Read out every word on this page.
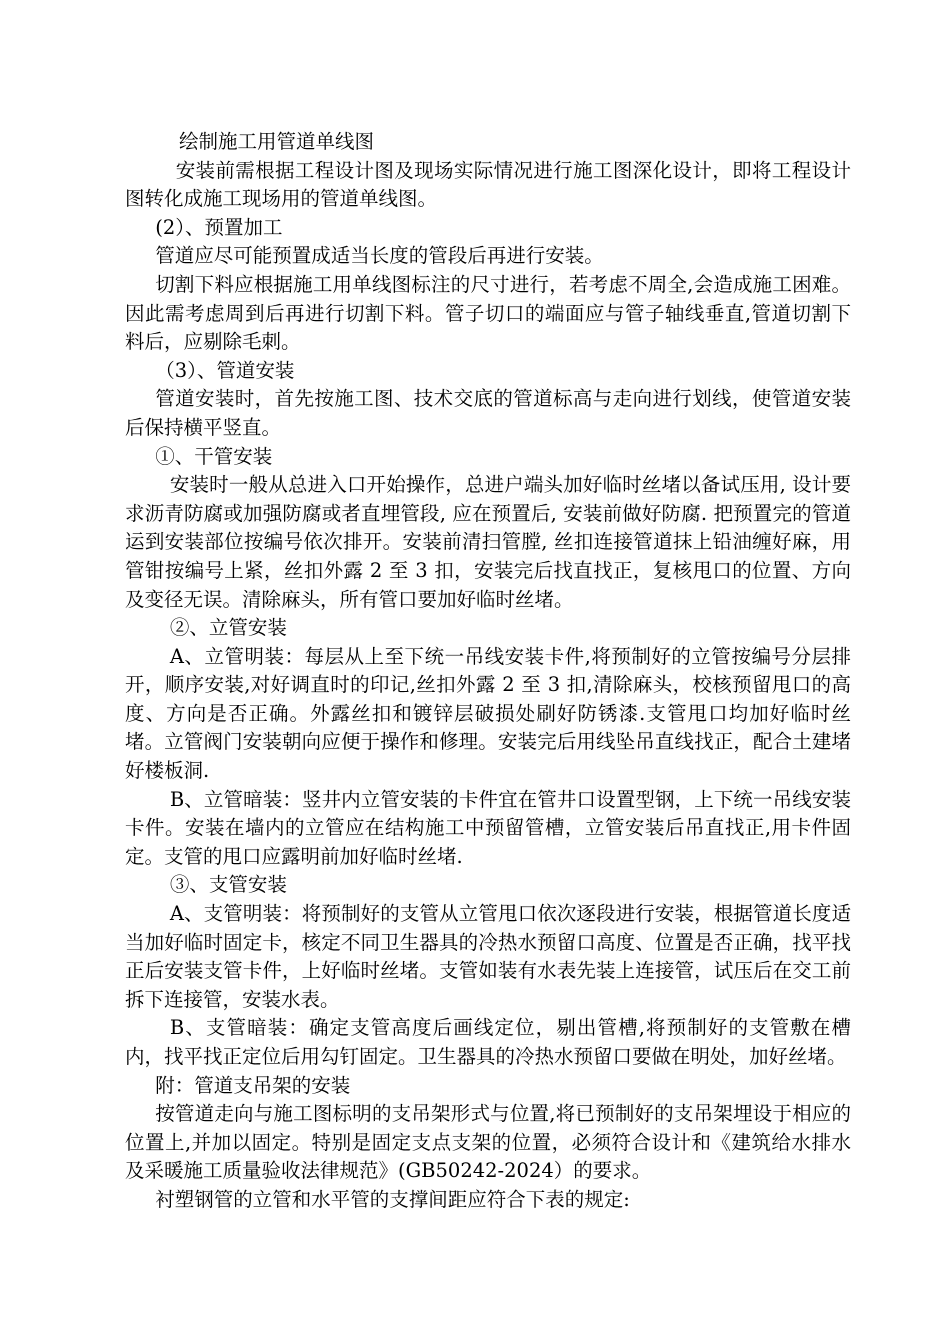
绘制施工用管道单线图

安装前需根据工程设计图及现场实际情况进行施工图深化设计，即将工程设计图转化成施工现场用的管道单线图。

(2）、预置加工

管道应尽可能预置成适当长度的管段后再进行安装。

切割下料应根据施工用单线图标注的尺寸进行，若考虑不周全,会造成施工困难。因此需考虑周到后再进行切割下料。管子切口的端面应与管子轴线垂直,管道切割下料后，应剔除毛刺。

（3）、管道安装

管道安装时，首先按施工图、技术交底的管道标高与走向进行划线，使管道安装后保持横平竖直。

①、干管安装

安装时一般从总进入口开始操作，总进户端头加好临时丝堵以备试压用, 设计要求沥青防腐或加强防腐或者直埋管段, 应在预置后, 安装前做好防腐. 把预置完的管道运到安装部位按编号依次排开。安装前清扫管膛, 丝扣连接管道抹上铅油缠好麻，用管钳按编号上紧，丝扣外露 2 至 3 扣，安装完后找直找正，复核甩口的位置、方向及变径无误。清除麻头，所有管口要加好临时丝堵。

②、立管安装

A、立管明装：每层从上至下统一吊线安装卡件,将预制好的立管按编号分层排开，顺序安装,对好调直时的印记,丝扣外露 2 至 3 扣,清除麻头，校核预留甩口的高度、方向是否正确。外露丝扣和镀锌层破损处刷好防锈漆.支管甩口均加好临时丝堵。立管阀门安装朝向应便于操作和修理。安装完后用线坠吊直线找正，配合土建堵好楼板洞.

B、立管暗装：竖井内立管安装的卡件宜在管井口设置型钢，上下统一吊线安装卡件。安装在墙内的立管应在结构施工中预留管槽，立管安装后吊直找正,用卡件固定。支管的甩口应露明前加好临时丝堵.

③、支管安装

A、支管明装：将预制好的支管从立管甩口依次逐段进行安装，根据管道长度适当加好临时固定卡，核定不同卫生器具的冷热水预留口高度、位置是否正确，找平找正后安装支管卡件，上好临时丝堵。支管如装有水表先装上连接管，试压后在交工前拆下连接管，安装水表。

B、支管暗装：确定支管高度后画线定位，剔出管槽,将预制好的支管敷在槽内，找平找正定位后用勾钉固定。卫生器具的冷热水预留口要做在明处，加好丝堵。

附：管道支吊架的安装

按管道走向与施工图标明的支吊架形式与位置,将已预制好的支吊架埋设于相应的位置上,并加以固定。特别是固定支点支架的位置，必须符合设计和《建筑给水排水及采暖施工质量验收法律规范》(GB50242-2024）的要求。

衬塑钢管的立管和水平管的支撑间距应符合下表的规定:
